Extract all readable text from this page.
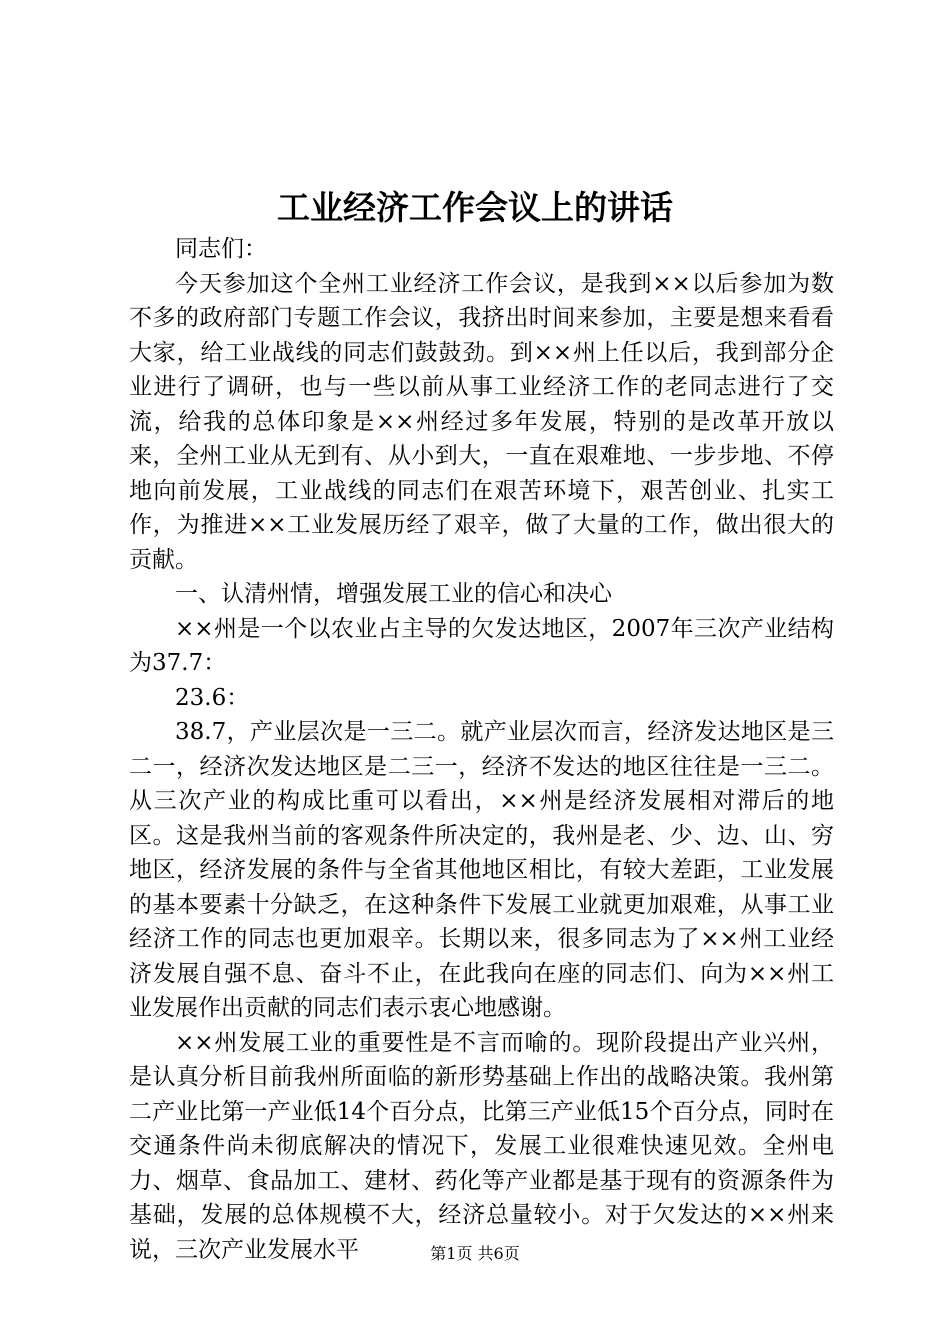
工业经济工作会议上的讲话

同志们：

今天参加这个全州工业经济工作会议，是我到××以后参加为数不多的政府部门专题工作会议，我挤出时间来参加，主要是想来看看大家，给工业战线的同志们鼓鼓劲。到××州上任以后，我到部分企业进行了调研，也与一些以前从事工业经济工作的老同志进行了交流，给我的总体印象是××州经过多年发展，特别的是改革开放以来，全州工业从无到有、从小到大，一直在艰难地、一步步地、不停地向前发展，工业战线的同志们在艰苦环境下，艰苦创业、扎实工作，为推进××工业发展历经了艰辛，做了大量的工作，做出很大的贡献。

一、认清州情，增强发展工业的信心和决心

××州是一个以农业占主导的欠发达地区，2007年三次产业结构为37.7：

23.6：

38.7，产业层次是一三二。就产业层次而言，经济发达地区是三二一，经济次发达地区是二三一，经济不发达的地区往往是一三二。从三次产业的构成比重可以看出，××州是经济发展相对滞后的地区。这是我州当前的客观条件所决定的，我州是老、少、边、山、穷地区，经济发展的条件与全省其他地区相比，有较大差距，工业发展的基本要素十分缺乏，在这种条件下发展工业就更加艰难，从事工业经济工作的同志也更加艰辛。长期以来，很多同志为了××州工业经济发展自强不息、奋斗不止，在此我向在座的同志们、向为××州工业发展作出贡献的同志们表示衷心地感谢。

××州发展工业的重要性是不言而喻的。现阶段提出产业兴州，是认真分析目前我州所面临的新形势基础上作出的战略决策。我州第二产业比第一产业低14个百分点，比第三产业低15个百分点，同时在交通条件尚未彻底解决的情况下，发展工业很难快速见效。全州电力、烟草、食品加工、建材、药化等产业都是基于现有的资源条件为基础，发展的总体规模不大，经济总量较小。对于欠发达的××州来说，三次产业发展水平	第1页 共6页
